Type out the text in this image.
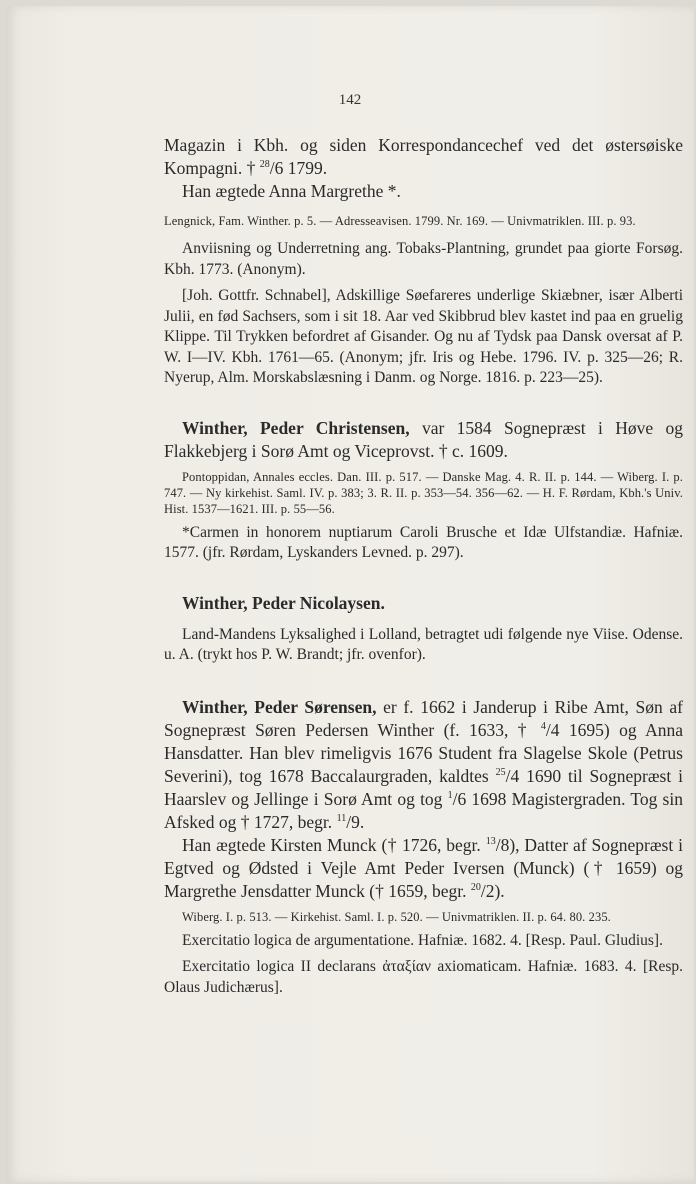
142

Magazin i Kbh. og siden Korrespondancechef ved det østersøiske Kompagni. † $^{28}$/6 1799.

Han ægtede Anna Margrethe *.

Lengnick, Fam. Winther. p. 5. — Adresseavisen. 1799. Nr. 169. — Univmatriklen. III. p. 93.

Anviisning og Underretning ang. Tobaks-Plantning, grundet paa giorte Forsøg. Kbh. 1773. (Anonym).

[Joh. Gottfr. Schnabel], Adskillige Søefareres underlige Skiæbner, især Alberti Julii, en fød Sachsers, som i sit 18. Aar ved Skibbrud blev kastet ind paa en gruelig Klippe. Til Trykken befordret af Gisander. Og nu af Tydsk paa Dansk oversat af P. W. I—IV. Kbh. 1761—65. (Anonym; jfr. Iris og Hebe. 1796. IV. p. 325—26; R. Nyerup, Alm. Morskabslæsning i Danm. og Norge. 1816. p. 223—25).

Winther, Peder Christensen, var 1584 Sognepræst i Høve og Flakkebjerg i Sorø Amt og Viceprovst. † c. 1609.

Pontoppidan, Annales eccles. Dan. III. p. 517. — Danske Mag. 4. R. II. p. 144. — Wiberg. I. p. 747. — Ny kirkehist. Saml. IV. p. 383; 3. R. II. p. 353—54. 356—62. — H. F. Rørdam, Kbh.'s Univ. Hist. 1537—1621. III. p. 55—56.

*Carmen in honorem nuptiarum Caroli Brusche et Idæ Ulfstandiæ. Hafniæ. 1577. (jfr. Rørdam, Lyskanders Levned. p. 297).

Winther, Peder Nicolaysen.

Land-Mandens Lyksalighed i Lolland, betragtet udi følgende nye Viise. Odense. u. A. (trykt hos P. W. Brandt; jfr. ovenfor).

Winther, Peder Sørensen, er f. 1662 i Janderup i Ribe Amt, Søn af Sognepræst Søren Pedersen Winther (f. 1633, † $^4$/4 1695) og Anna Hansdatter. Han blev rimeligvis 1676 Student fra Slagelse Skole (Petrus Severini), tog 1678 Baccalaurgraden, kaldtes $^{25}$/4 1690 til Sognepræst i Haarslev og Jellinge i Sorø Amt og tog $^1$/6 1698 Magistergraden. Tog sin Afsked og † 1727, begr. $^{11}$/9.

Han ægtede Kirsten Munck († 1726, begr. $^{13}$/8), Datter af Sognepræst i Egtved og Ødsted i Vejle Amt Peder Iversen (Munck) († 1659) og Margrethe Jensdatter Munck († 1659, begr. $^{20}$/2).

Wiberg. I. p. 513. — Kirkehist. Saml. I. p. 520. — Univmatriklen. II. p. 64. 80. 235.

Exercitatio logica de argumentatione. Hafniæ. 1682. 4. [Resp. Paul. Gludius].

Exercitatio logica II declarans ἀταξίαν axiomaticam. Hafniæ. 1683. 4. [Resp. Olaus Judichærus].
